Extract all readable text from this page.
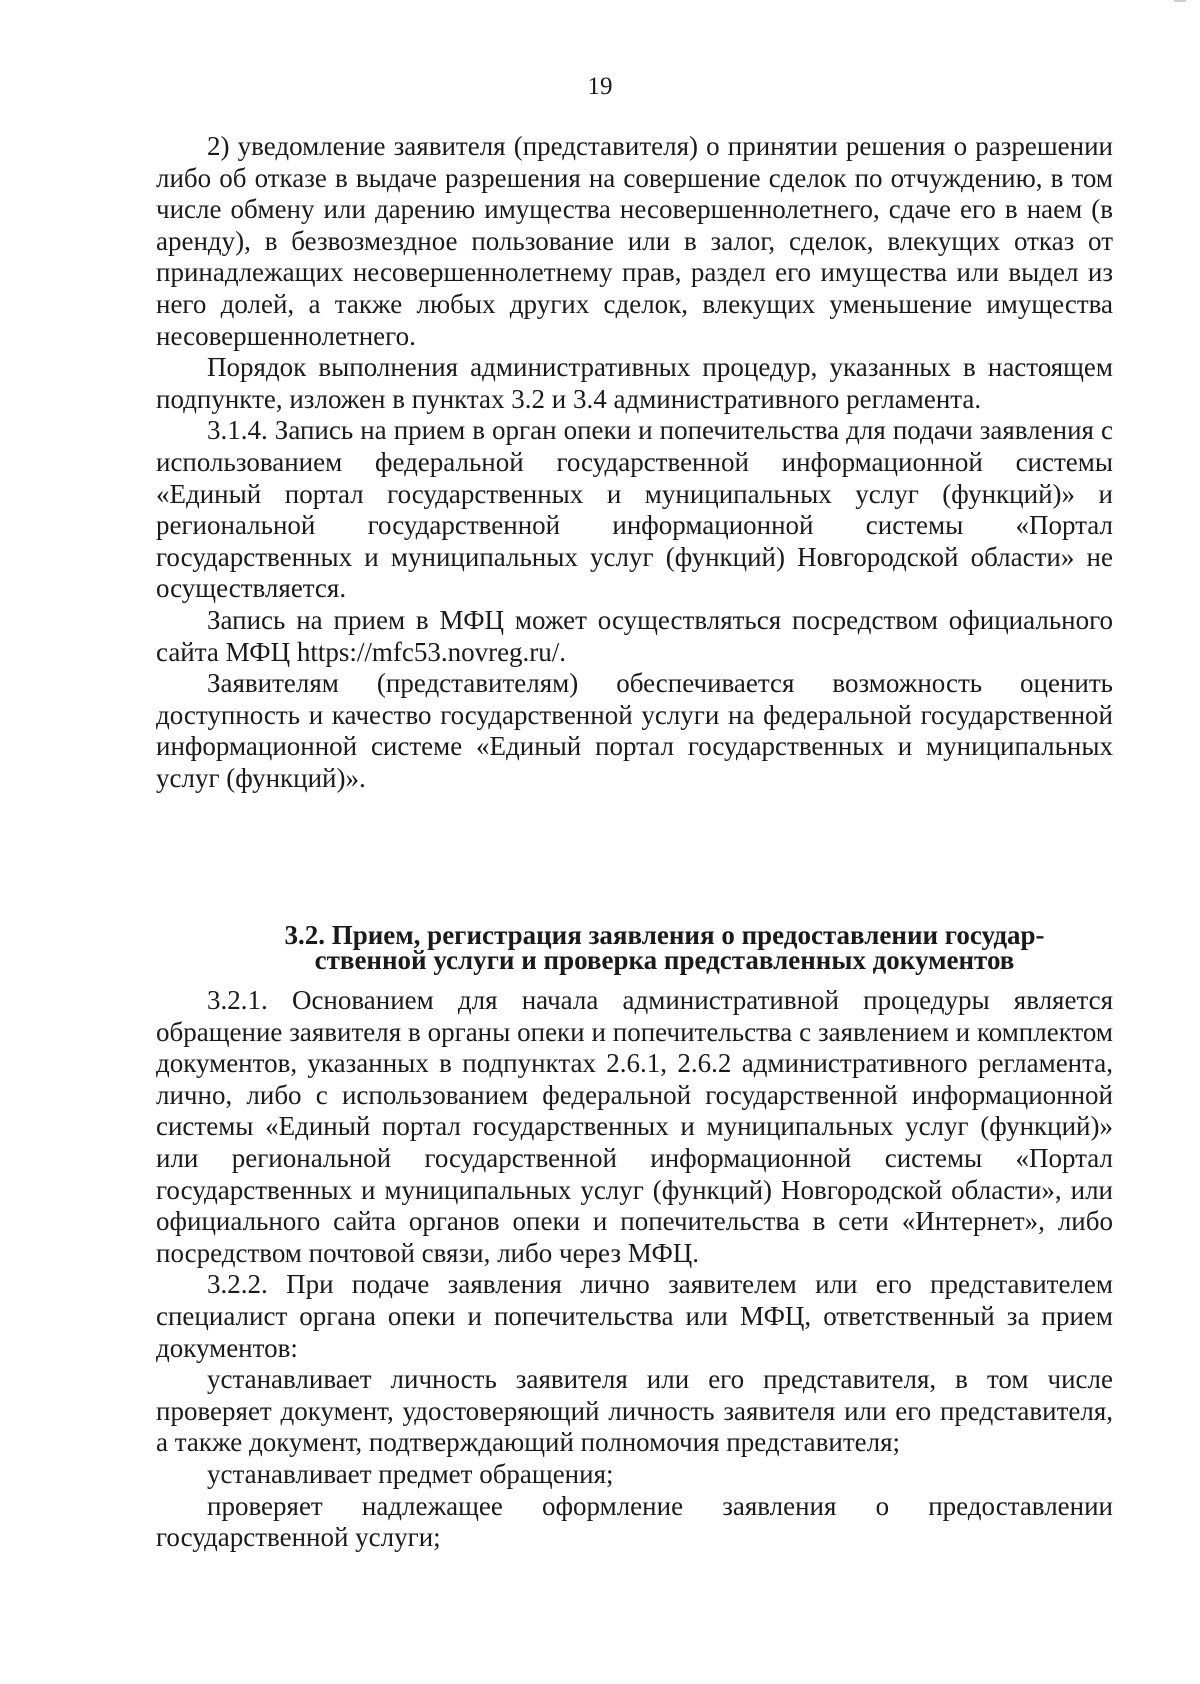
19

2) уведомление заявителя (представителя) о принятии решения о разрешении либо об отказе в выдаче разрешения на совершение сделок по отчуждению, в том числе обмену или дарению имущества несовершеннолетнего, сдаче его в наем (в аренду), в безвозмездное пользование или в залог, сделок, влекущих отказ от принадлежащих несовершеннолетнему прав, раздел его имущества или выдел из него долей, а также любых других сделок, влекущих уменьшение имущества несовершеннолетнего.

Порядок выполнения административных процедур, указанных в настоящем подпункте, изложен в пунктах 3.2 и 3.4 административного регламента.

3.1.4. Запись на прием в орган опеки и попечительства для подачи заявления с использованием федеральной государственной информационной системы «Единый портал государственных и муниципальных услуг (функций)» и региональной государственной информационной системы «Портал государственных и муниципальных услуг (функций) Новгородской области» не осуществляется.

Запись на прием в МФЦ может осуществляться посредством официального сайта МФЦ https://mfc53.novreg.ru/.

Заявителям (представителям) обеспечивается возможность оценить доступность и качество государственной услуги на федеральной государственной информационной системе «Единый портал государственных и муниципальных услуг (функций)».

3.2. Прием, регистрация заявления о предоставлении государ-
ственной услуги и проверка представленных документов

3.2.1. Основанием для начала административной процедуры является обращение заявителя в органы опеки и попечительства с заявлением и комплектом документов, указанных в подпунктах 2.6.1, 2.6.2 административного регламента, лично, либо с использованием федеральной государственной информационной системы «Единый портал государственных и муниципальных услуг (функций)» или региональной государственной информационной системы «Портал государственных и муниципальных услуг (функций) Новгородской области», или официального сайта органов опеки и попечительства в сети «Интернет», либо посредством почтовой связи, либо через МФЦ.

3.2.2. При подаче заявления лично заявителем или его представителем специалист органа опеки и попечительства или МФЦ, ответственный за прием документов:

устанавливает личность заявителя или его представителя, в том числе проверяет документ, удостоверяющий личность заявителя или его представителя, а также документ, подтверждающий полномочия представителя;

устанавливает предмет обращения;

проверяет надлежащее оформление заявления о предоставлении государственной услуги;
